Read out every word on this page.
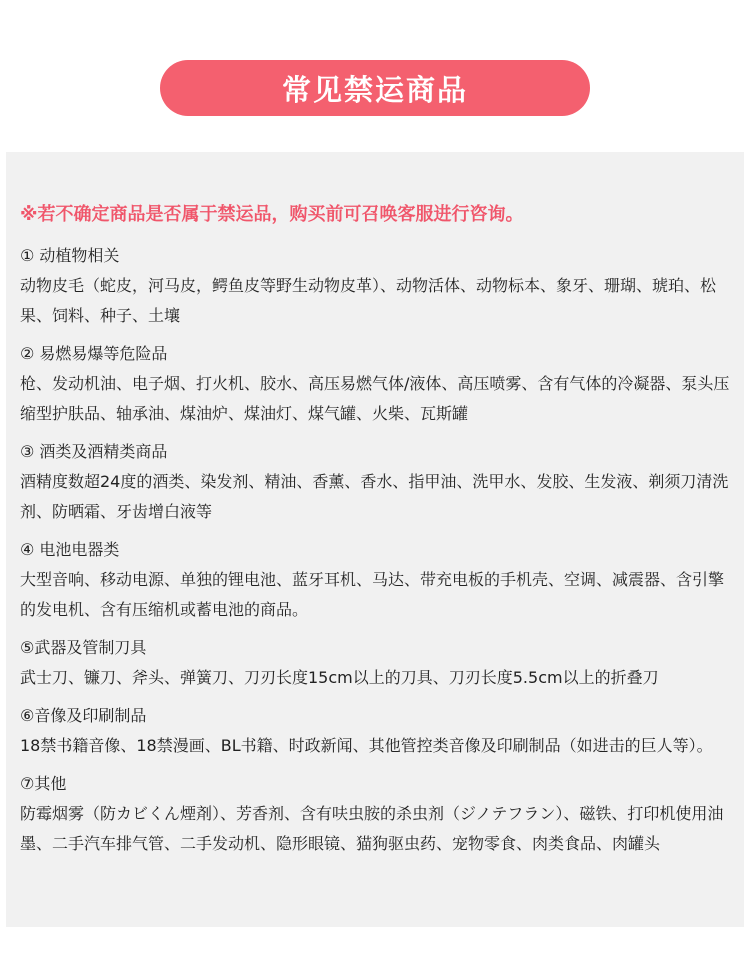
常见禁运商品
※若不确定商品是否属于禁运品，购买前可召唤客服进行咨询。
① 动植物相关
动物皮毛（蛇皮，河马皮，鳄鱼皮等野生动物皮革）、动物活体、动物标本、象牙、珊瑚、琥珀、松果、饲料、种子、土壤
② 易燃易爆等危险品
枪、发动机油、电子烟、打火机、胶水、高压易燃气体/液体、高压喷雾、含有气体的冷凝器、泵头压缩型护肤品、轴承油、煤油炉、煤油灯、煤气罐、火柴、瓦斯罐
③ 酒类及酒精类商品
酒精度数超24度的酒类、染发剂、精油、香薰、香水、指甲油、洗甲水、发胶、生发液、剃须刀清洗剂、防晒霜、牙齿增白液等
④ 电池电器类
大型音响、移动电源、单独的锂电池、蓝牙耳机、马达、带充电板的手机壳、空调、减震器、含引擎的发电机、含有压缩机或蓄电池的商品。
⑤武器及管制刀具
武士刀、镰刀、斧头、弹簧刀、刀刃长度15cm以上的刀具、刀刃长度5.5cm以上的折叠刀
⑥音像及印刷制品
18禁书籍音像、18禁漫画、BL书籍、时政新闻、其他管控类音像及印刷制品（如进击的巨人等）。
⑦其他
防霉烟雾（防カビくん煙剤）、芳香剂、含有呋虫胺的杀虫剂（ジノテフラン）、磁铁、打印机使用油墨、二手汽车排气管、二手发动机、隐形眼镜、猫狗驱虫药、宠物零食、肉类食品、肉罐头
